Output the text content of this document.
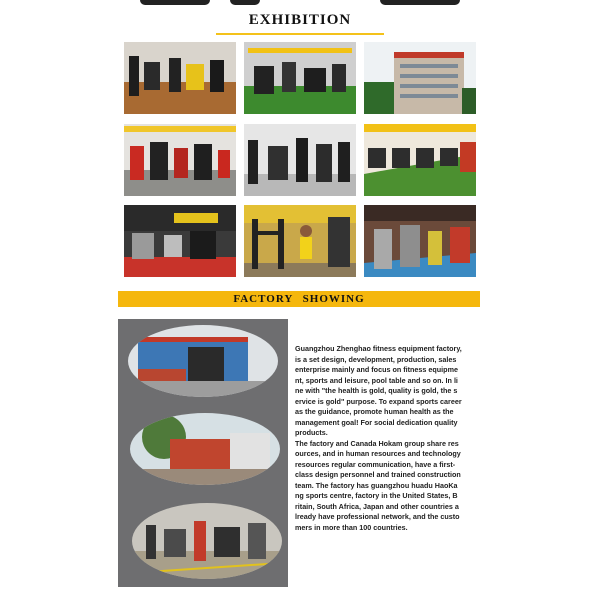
EXHIBITION
FACTORY SHOWING
Guangzhou Zhenghao fitness equipment factory,
is a set design, development, production, sales
enterprise mainly and focus on fitness equipme
nt, sports and leisure, pool table and so on. In li
ne with "the health is gold, quality is gold, the s
ervice is gold" purpose. To expand sports career
as the guidance, promote human health as the
management goal! For social dedication quality
products.
The factory and Canada Hokam group share res
ources, and in human resources and technology
resources regular communication, have a first-
class design personnel and trained construction
team. The factory has guangzhou huadu HaoKa
ng sports centre, factory in the United States, B
ritain, South Africa, Japan and other countries a
lready have professional network, and the custo
mers in more than 100 countries.
